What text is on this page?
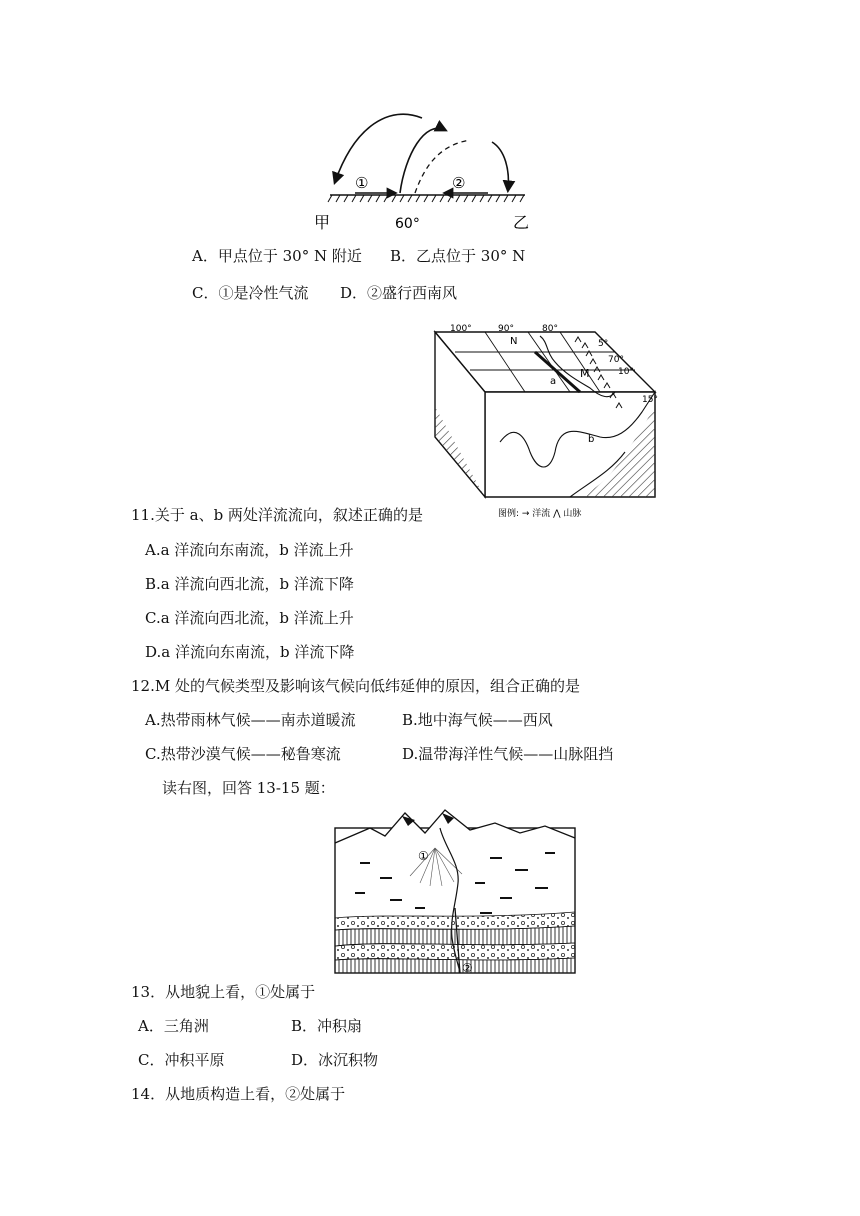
①	②
甲	60°	乙
A．甲点位于 30° N 附近 B．乙点位于 30° N
C．①是冷性气流 D．②盛行西南风
100°	90°	80°
N	5°
70°
10°
15°
a
M
b
图例: → 洋流 ⋀ 山脉
11.关于 a、b 两处洋流流向，叙述正确的是
A.a 洋流向东南流，b 洋流上升
B.a 洋流向西北流，b 洋流下降
C.a 洋流向西北流，b 洋流上升
D.a 洋流向东南流，b 洋流下降
12.M 处的气候类型及影响该气候向低纬延伸的原因，组合正确的是
A.热带雨林气候——南赤道暖流	B.地中海气候——西风
C.热带沙漠气候——秘鲁寒流	D.温带海洋性气候——山脉阻挡
读右图，回答 13-15 题：
①
②
13．从地貌上看，①处属于
A．三角洲	B．冲积扇
C．冲积平原	D．冰沉积物
14．从地质构造上看，②处属于
